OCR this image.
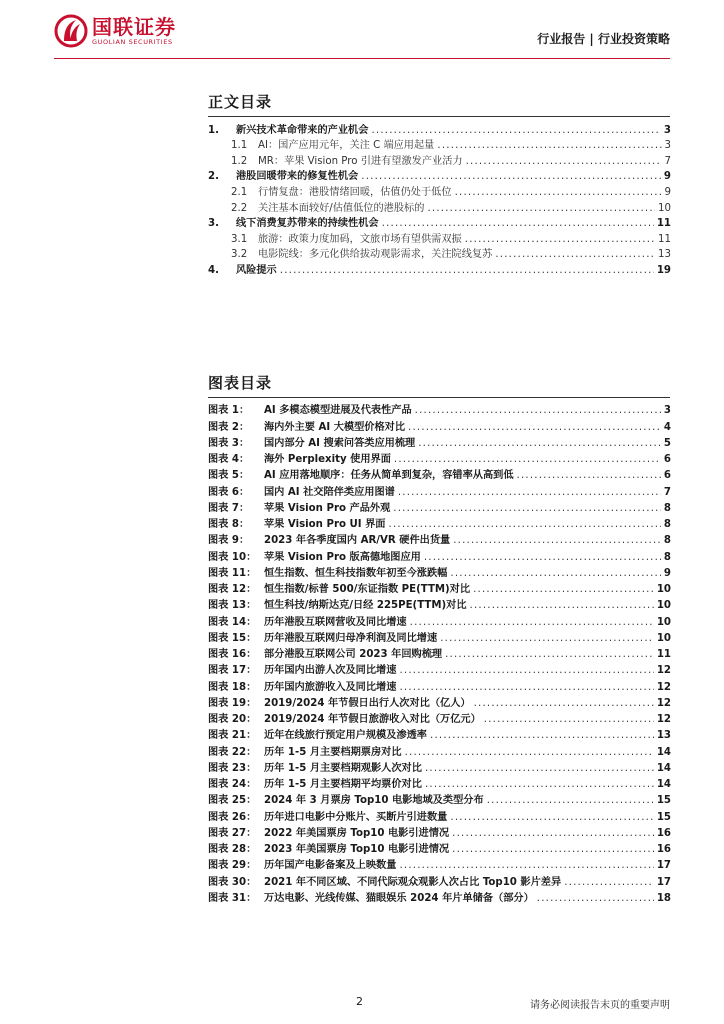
国联证券
GUOLIAN SECURITIES	行业报告 | 行业投资策略
正文目录
1.	新兴技术革命带来的产业机会 .....	3
1.1	AI：国产应用元年，关注 C 端应用起量 .....	3
1.2	MR：苹果 Vision Pro 引进有望激发产业活力 .....	7
2.	港股回暖带来的修复性机会 .....	9
2.1	行情复盘：港股情绪回暖，估值仍处于低位 .....	9
2.2	关注基本面较好/估值低位的港股标的 .....	10
3.	线下消费复苏带来的持续性机会 .....	11
3.1	旅游：政策力度加码，文旅市场有望供需双振 .....	11
3.2	电影院线：多元化供给拔动观影需求，关注院线复苏 .....	13
4.	风险提示 .....	19
图表目录
图表 1：	AI 多模态模型进展及代表性产品 .....	3
图表 2：	海内外主要 AI 大模型价格对比 .....	4
图表 3：	国内部分 AI 搜索问答类应用梳理 .....	5
图表 4：	海外 Perplexity 使用界面 .....	6
图表 5：	AI 应用落地顺序：任务从简单到复杂，容错率从高到低 .....	6
图表 6：	国内 AI 社交陪伴类应用图谱 .....	7
图表 7：	苹果 Vision Pro 产品外观 .....	8
图表 8：	苹果 Vision Pro UI 界面 .....	8
图表 9：	2023 年各季度国内 AR/VR 硬件出货量 .....	8
图表 10： 苹果 Vision Pro 版高德地图应用 .....	8
图表 11： 恒生指数、恒生科技指数年初至今涨跌幅 .....	9
图表 12： 恒生指数/标普 500/东证指数 PE(TTM)对比 .....	10
图表 13： 恒生科技/纳斯达克/日经 225PE(TTM)对比 .....	10
图表 14： 历年港股互联网营收及同比增速 .....	10
图表 15： 历年港股互联网归母净利润及同比增速 .....	10
图表 16： 部分港股互联网公司 2023 年回购梳理 .....	11
图表 17： 历年国内出游人次及同比增速 .....	12
图表 18： 历年国内旅游收入及同比增速 .....	12
图表 19： 2019/2024 年节假日出行人次对比（亿人） .....	12
图表 20： 2019/2024 年节假日旅游收入对比（万亿元） .....	12
图表 21： 近年在线旅行预定用户规模及渗透率 .....	13
图表 22： 历年 1-5 月主要档期票房对比 .....	14
图表 23： 历年 1-5 月主要档期观影人次对比 .....	14
图表 24： 历年 1-5 月主要档期平均票价对比 .....	14
图表 25： 2024 年 3 月票房 Top10 电影地域及类型分布 .....	15
图表 26： 历年进口电影中分账片、买断片引进数量 .....	15
图表 27： 2022 年美国票房 Top10 电影引进情况 .....	16
图表 28： 2023 年美国票房 Top10 电影引进情况 .....	16
图表 29： 历年国产电影备案及上映数量 .....	17
图表 30： 2021 年不同区域、不同代际观众观影人次占比 Top10 影片差异 .....	17
图表 31： 万达电影、光线传媒、猫眼娱乐 2024 年片单储备（部分） .....	18
2	请务必阅读报告末页的重要声明
